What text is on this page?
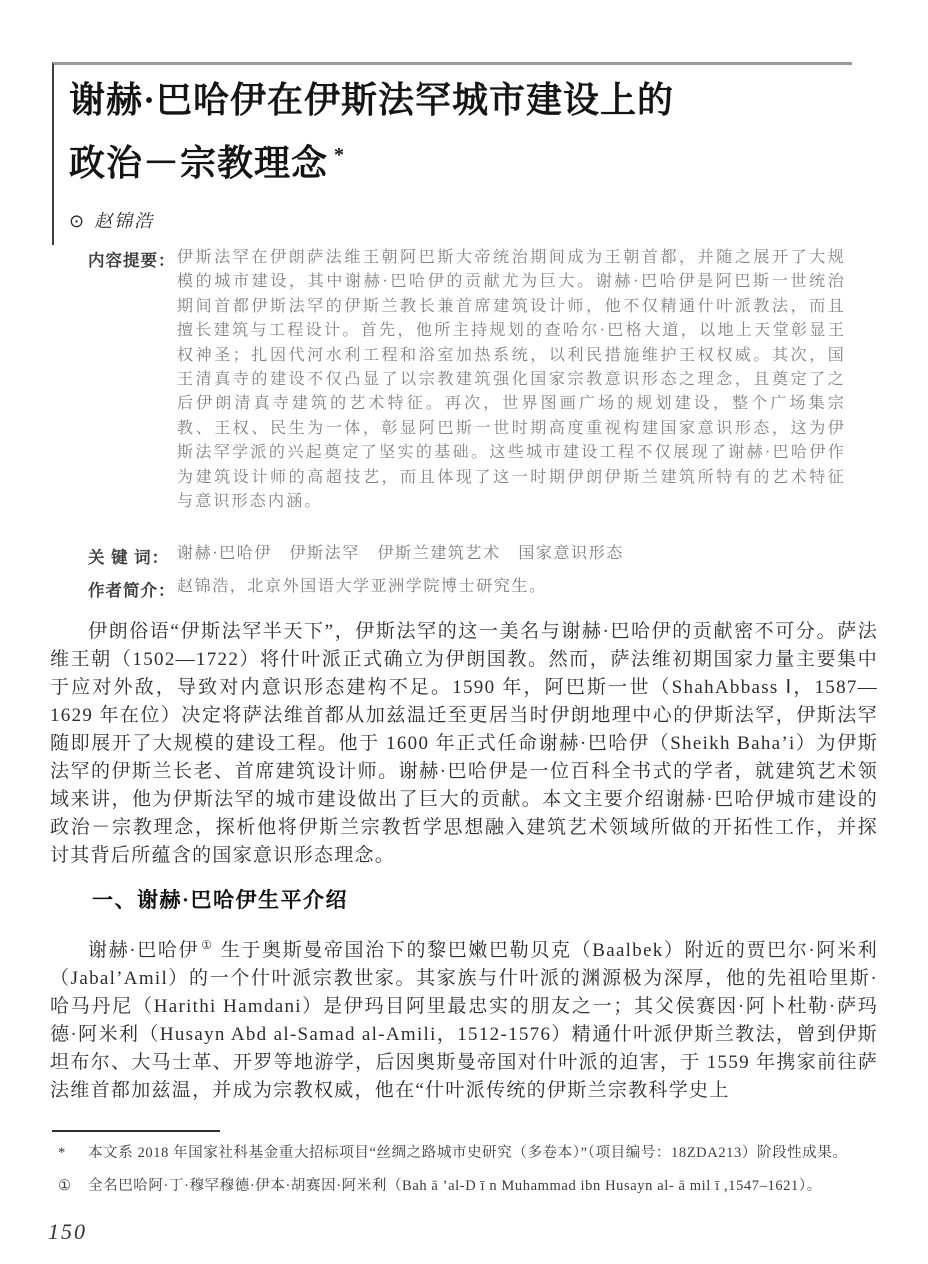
谢赫·巴哈伊在伊斯法罕城市建设上的
政治－宗教理念 *
⊙ 赵锦浩
内容提要： 伊斯法罕在伊朗萨法维王朝阿巴斯大帝统治期间成为王朝首都，并随之展开了大规模的城市建设，其中谢赫·巴哈伊的贡献尤为巨大。谢赫·巴哈伊是阿巴斯一世统治期间首都伊斯法罕的伊斯兰教长兼首席建筑设计师，他不仅精通什叶派教法，而且擅长建筑与工程设计。首先，他所主持规划的查哈尔·巴格大道，以地上天堂彰显王权神圣；扎因代河水利工程和浴室加热系统，以利民措施维护王权权威。其次，国王清真寺的建设不仅凸显了以宗教建筑强化国家宗教意识形态之理念，且奠定了之后伊朗清真寺建筑的艺术特征。再次，世界图画广场的规划建设，整个广场集宗教、王权、民生为一体，彰显阿巴斯一世时期高度重视构建国家意识形态，这为伊斯法罕学派的兴起奠定了坚实的基础。这些城市建设工程不仅展现了谢赫·巴哈伊作为建筑设计师的高超技艺，而且体现了这一时期伊朗伊斯兰建筑所特有的艺术特征与意识形态内涵。

关 键 词： 谢赫·巴哈伊　伊斯法罕　伊斯兰建筑艺术　国家意识形态

作者简介： 赵锦浩，北京外国语大学亚洲学院博士研究生。

伊朗俗语“伊斯法罕半天下”，伊斯法罕的这一美名与谢赫·巴哈伊的贡献密不可分。萨法维王朝（1502—1722）将什叶派正式确立为伊朗国教。然而，萨法维初期国家力量主要集中于应对外敌，导致对内意识形态建构不足。1590 年，阿巴斯一世（ShahAbbass Ⅰ，1587—1629 年在位）决定将萨法维首都从加兹温迁至更居当时伊朗地理中心的伊斯法罕，伊斯法罕随即展开了大规模的建设工程。他于 1600 年正式任命谢赫·巴哈伊（Sheikh Baha’i）为伊斯法罕的伊斯兰长老、首席建筑设计师。谢赫·巴哈伊是一位百科全书式的学者，就建筑艺术领域来讲，他为伊斯法罕的城市建设做出了巨大的贡献。本文主要介绍谢赫·巴哈伊城市建设的政治－宗教理念，探析他将伊斯兰宗教哲学思想融入建筑艺术领域所做的开拓性工作，并探讨其背后所蕴含的国家意识形态理念。

一、谢赫·巴哈伊生平介绍

谢赫·巴哈伊 ① 生于奥斯曼帝国治下的黎巴嫩巴勒贝克（Baalbek）附近的贾巴尔·阿米利（Jabal’Amil）的一个什叶派宗教世家。其家族与什叶派的渊源极为深厚，他的先祖哈里斯·哈马丹尼（Harithi Hamdani）是伊玛目阿里最忠实的朋友之一；其父侯赛因·阿卜杜勒·萨玛德·阿米利（Husayn Abd al-Samad al-Amili，1512-1576）精通什叶派伊斯兰教法，曾到伊斯坦布尔、大马士革、开罗等地游学，后因奥斯曼帝国对什叶派的迫害，于 1559 年携家前往萨法维首都加兹温，并成为宗教权威，他在“什叶派传统的伊斯兰宗教科学史上

* 本文系 2018 年国家社科基金重大招标项目“丝绸之路城市史研究（多卷本）”（项目编号：18ZDA213）阶段性成果。

① 全名巴哈阿·丁·穆罕穆德·伊本·胡赛因·阿米利（Bah ā ’al-D ī n Muhammad ibn Husayn al- ā mil ī ,1547–1621）。

150
